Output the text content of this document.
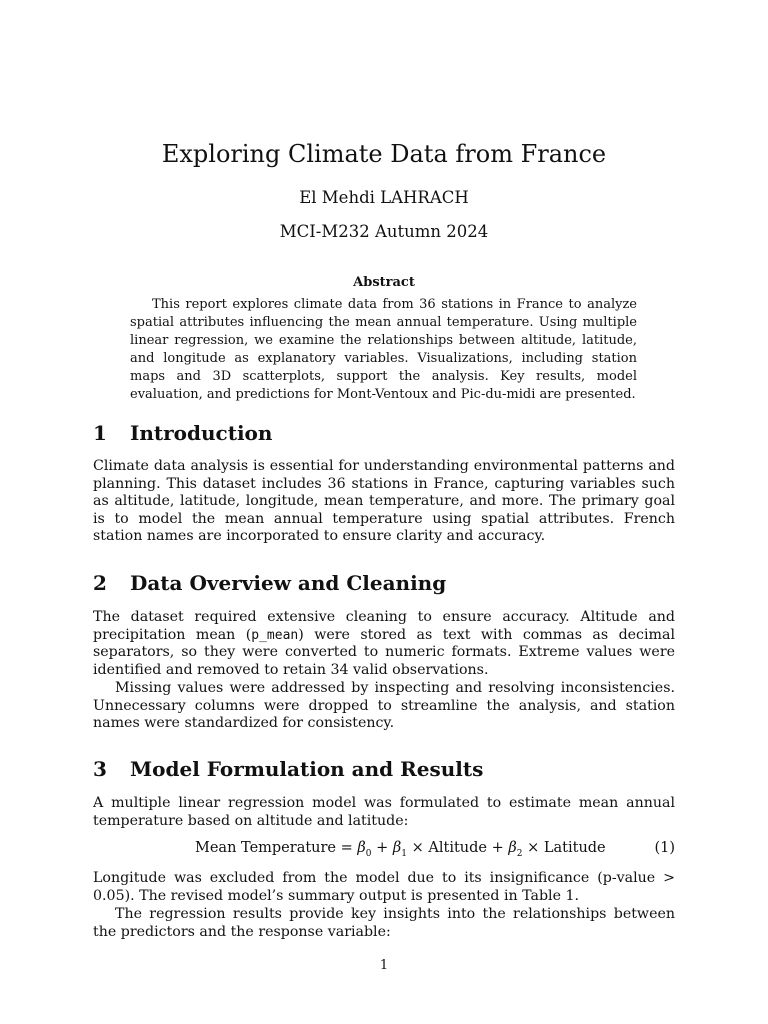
Exploring Climate Data from France
El Mehdi LAHRACH
MCI-M232 Autumn 2024
Abstract
This report explores climate data from 36 stations in France to analyze spatial attributes influencing the mean annual temperature. Using multiple linear regression, we examine the relationships between altitude, latitude, and longitude as explanatory variables. Visualizations, including station maps and 3D scatterplots, support the analysis. Key results, model evaluation, and predictions for Mont-Ventoux and Pic-du-midi are presented.
1 Introduction
Climate data analysis is essential for understanding environmental patterns and planning. This dataset includes 36 stations in France, capturing variables such as altitude, latitude, longitude, mean temperature, and more. The primary goal is to model the mean annual temperature using spatial attributes. French station names are incorporated to ensure clarity and accuracy.
2 Data Overview and Cleaning
The dataset required extensive cleaning to ensure accuracy. Altitude and precipitation mean (p_mean) were stored as text with commas as decimal separators, so they were converted to numeric formats. Extreme values were identified and removed to retain 34 valid observations.
Missing values were addressed by inspecting and resolving inconsistencies. Unnecessary columns were dropped to streamline the analysis, and station names were standardized for consistency.
3 Model Formulation and Results
A multiple linear regression model was formulated to estimate mean annual temperature based on altitude and latitude:
Mean Temperature = $\beta_0 + \beta_1$ × Altitude + $\beta_2$ × Latitude	(1)
Longitude was excluded from the model due to its insignificance (p-value > 0.05). The revised model’s summary output is presented in Table 1.
The regression results provide key insights into the relationships between the predictors and the response variable:
1
